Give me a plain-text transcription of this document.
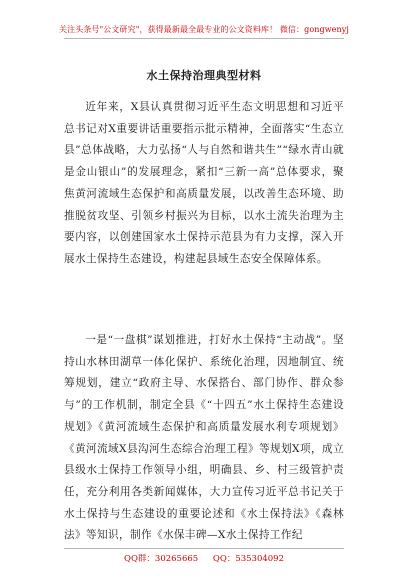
关注头条号"公文研究"，获得最新最全最专业的公文资料库！ 微信：gongwenyj
水土保持治理典型材料

近年来，X县认真贯彻习近平生态文明思想和习近平总书记对X重要讲话重要指示批示精神，全面落实“生态立县”总体战略，大力弘扬“人与自然和谐共生”“绿水青山就是金山银山”的发展理念，紧扣“三新一高”总体要求，聚焦黄河流域生态保护和高质量发展，以改善生态环境、助推脱贫攻坚、引领乡村振兴为目标，以水土流失治理为主要内容，以创建国家水土保持示范县为有力支撑，深入开展水土保持生态建设，构建起县域生态安全保障体系。

一是“一盘棋”谋划推进，打好水土保持“主动战”。坚持山水林田湖草一体化保护、系统化治理，因地制宜、统筹规划，建立“政府主导、水保搭台、部门协作、群众参与”的工作机制，制定全县《“十四五”水土保持生态建设规划》《黄河流域生态保护和高质量发展水利专项规划》《黄河流域X县沟河生态综合治理工程》等规划X项，成立县级水土保持工作领导小组，明确县、乡、村三级管护责任，充分利用各类新闻媒体，大力宣传习近平总书记关于水土保持与生态建设的重要论述和《水土保持法》《森林法》等知识，制作《水保丰碑—X水土保持工作纪

QQ群：30265665 QQ：535304092
